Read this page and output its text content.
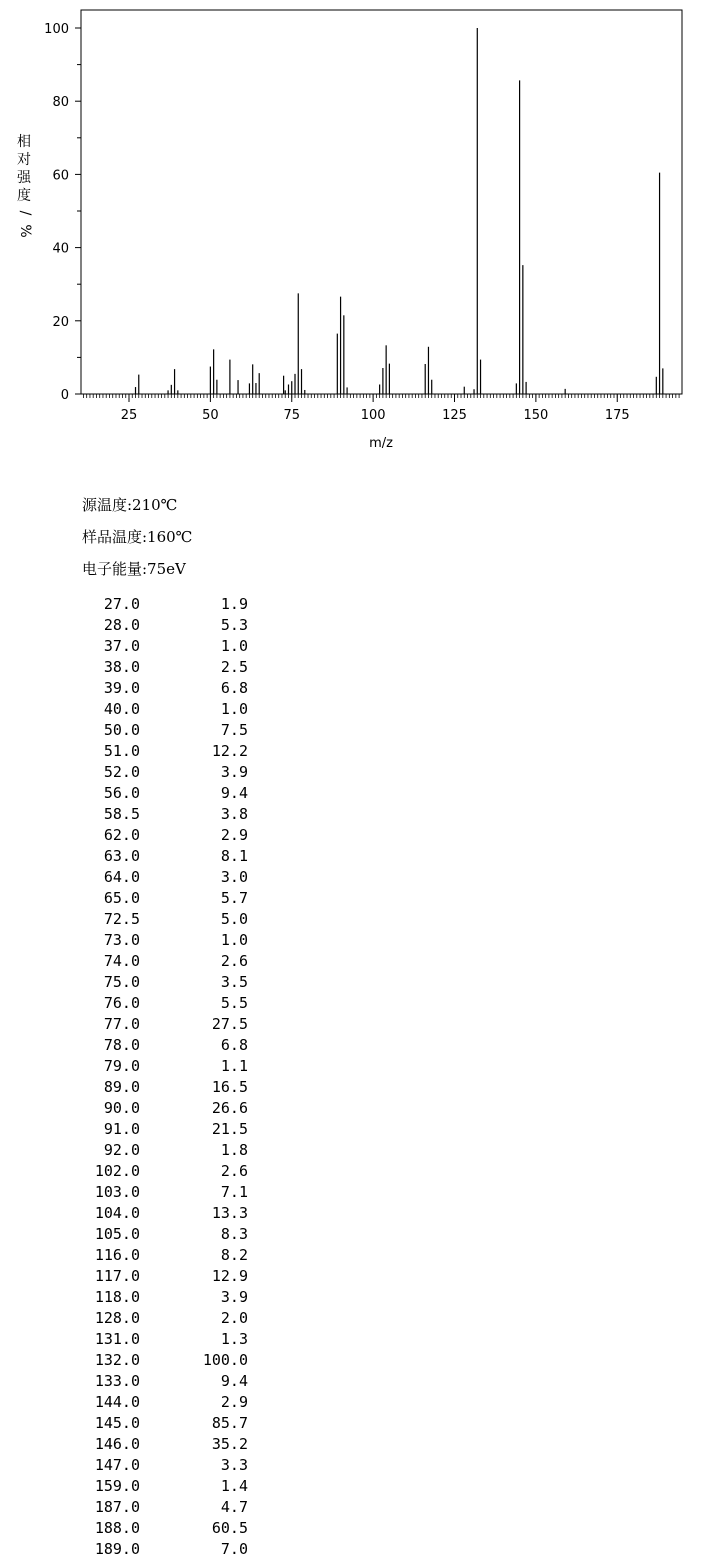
25	50	75	100	125	150	175
0
20
40
60
80
100
m/z
相
对
强
度
/
%
源温度:210℃
样品温度:160℃
电子能量:75eV
27.0	1.9
28.0	5.3
37.0	1.0
38.0	2.5
39.0	6.8
40.0	1.0
50.0	7.5
51.0	12.2
52.0	3.9
56.0	9.4
58.5	3.8
62.0	2.9
63.0	8.1
64.0	3.0
65.0	5.7
72.5	5.0
73.0	1.0
74.0	2.6
75.0	3.5
76.0	5.5
77.0	27.5
78.0	6.8
79.0	1.1
89.0	16.5
90.0	26.6
91.0	21.5
92.0	1.8
102.0	2.6
103.0	7.1
104.0	13.3
105.0	8.3
116.0	8.2
117.0	12.9
118.0	3.9
128.0	2.0
131.0	1.3
132.0	100.0
133.0	9.4
144.0	2.9
145.0	85.7
146.0	35.2
147.0	3.3
159.0	1.4
187.0	4.7
188.0	60.5
189.0	7.0
